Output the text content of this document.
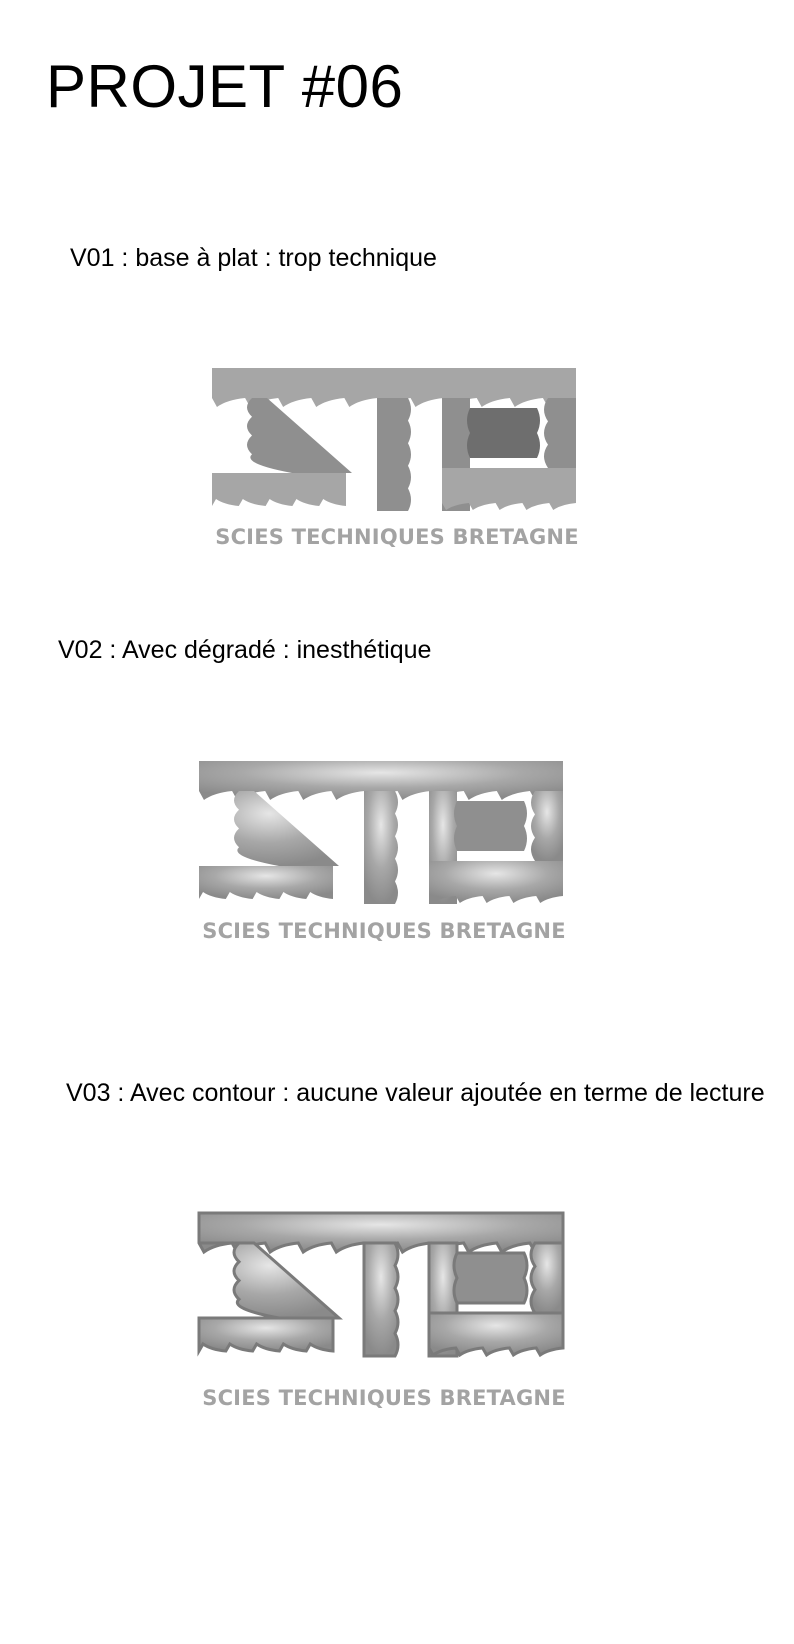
PROJET #06

V01 : base à plat : trop technique

SCIES TECHNIQUES BRETAGNE

V02 : Avec dégradé : inesthétique

SCIES TECHNIQUES BRETAGNE

V03 : Avec contour : aucune valeur ajoutée en terme de lecture

SCIES TECHNIQUES BRETAGNE
